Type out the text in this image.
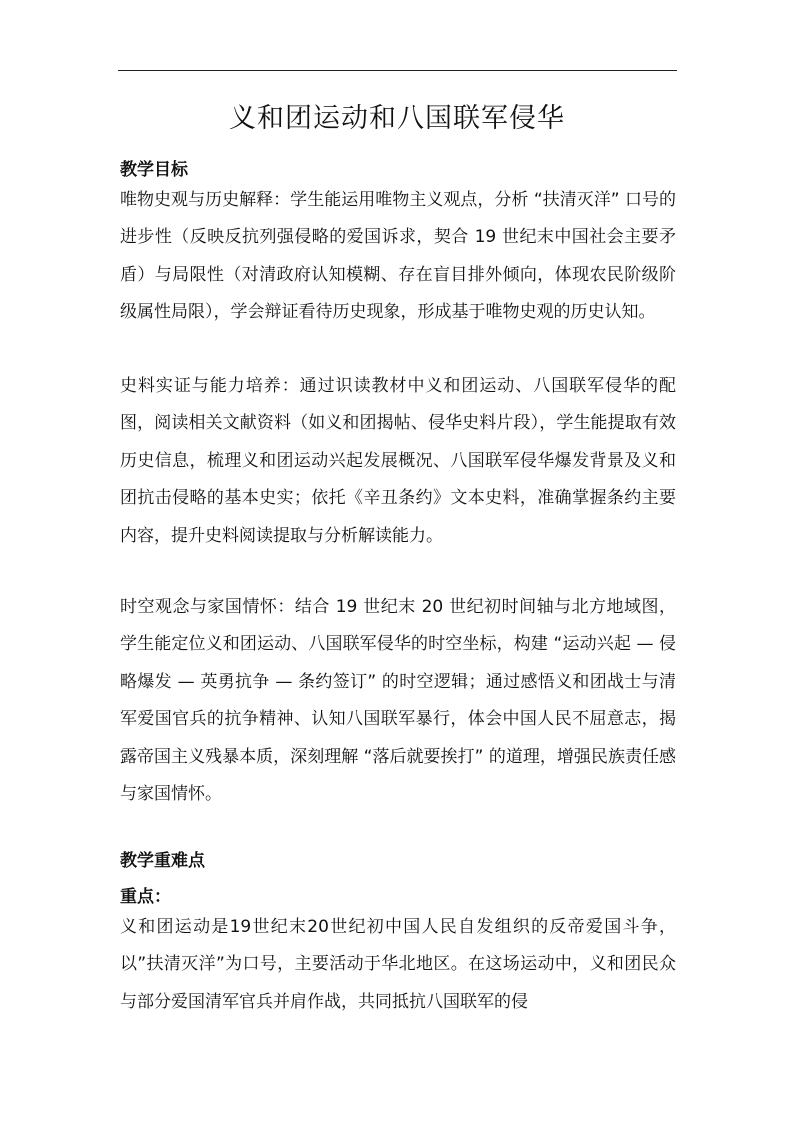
义和团运动和八国联军侵华
教学目标

唯物史观与历史解释：学生能运用唯物主义观点，分析 “扶清灭洋” 口号的进步性（反映反抗列强侵略的爱国诉求，契合 19 世纪末中国社会主要矛盾）与局限性（对清政府认知模糊、存在盲目排外倾向，体现农民阶级阶级属性局限），学会辩证看待历史现象，形成基于唯物史观的历史认知。

史料实证与能力培养：通过识读教材中义和团运动、八国联军侵华的配图，阅读相关文献资料（如义和团揭帖、侵华史料片段），学生能提取有效历史信息，梳理义和团运动兴起发展概况、八国联军侵华爆发背景及义和团抗击侵略的基本史实；依托《辛丑条约》文本史料，准确掌握条约主要内容，提升史料阅读提取与分析解读能力。

时空观念与家国情怀：结合 19 世纪末 20 世纪初时间轴与北方地域图，学生能定位义和团运动、八国联军侵华的时空坐标，构建 “运动兴起 — 侵略爆发 — 英勇抗争 — 条约签订” 的时空逻辑；通过感悟义和团战士与清军爱国官兵的抗争精神、认知八国联军暴行，体会中国人民不屈意志，揭露帝国主义残暴本质，深刻理解 “落后就要挨打” 的道理，增强民族责任感与家国情怀。

教学重难点
重点：

义和团运动是19世纪末20世纪初中国人民自发组织的反帝爱国斗争，以”扶清灭洋”为口号，主要活动于华北地区。在这场运动中，义和团民众与部分爱国清军官兵并肩作战，共同抵抗八国联军的侵
